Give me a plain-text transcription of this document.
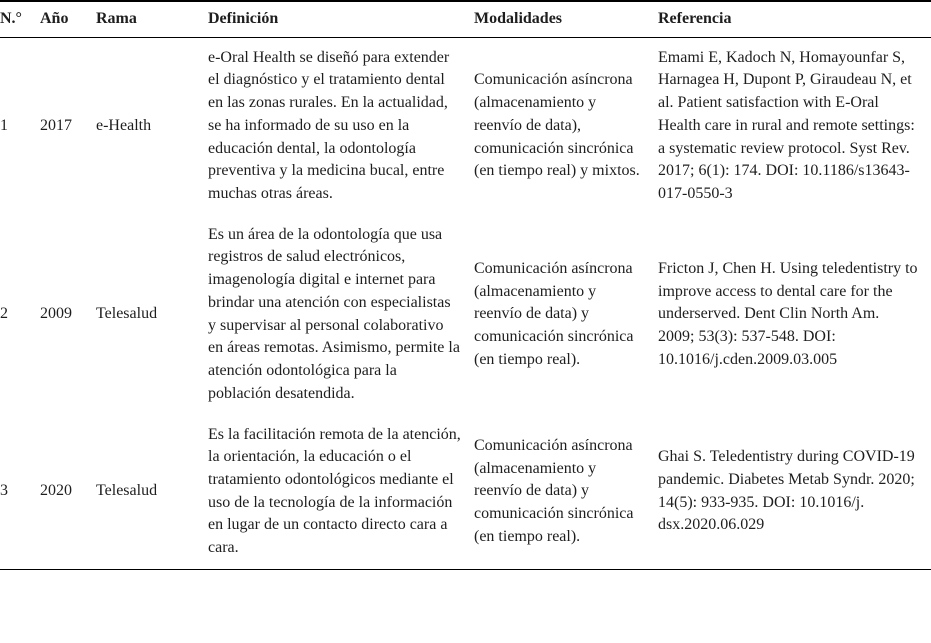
N.°	Año	Rama	Definición	Modalidades	Referencia
1	2017	e-Health	e-Oral Health se diseñó para extender el diagnóstico y el tratamiento dental en las zonas rurales. En la actualidad, se ha informado de su uso en la educación dental, la odontología preventiva y la medicina bucal, entre muchas otras áreas.	Comunicación asíncrona (almacenamiento y reenvío de data), comunicación sincrónica (en tiempo real) y mixtos.	Emami E, Kadoch N, Homayounfar S, Harnagea H, Dupont P, Giraudeau N, et al. Patient satisfaction with E-Oral Health care in rural and remote settings: a systematic review protocol. Syst Rev. 2017; 6(1): 174. DOI: 10.1186/s13643-017-0550-3
2	2009	Telesalud	Es un área de la odontología que usa registros de salud electrónicos, imagenología digital e internet para brindar una atención con especialistas y supervisar al personal colaborativo en áreas remotas. Asimismo, permite la atención odontológica para la población desatendida.	Comunicación asíncrona (almacenamiento y reenvío de data) y comunicación sincrónica (en tiempo real).	Fricton J, Chen H. Using teledentistry to improve access to dental care for the underserved. Dent Clin North Am. 2009; 53(3): 537-548. DOI: 10.1016/j.cden.2009.03.005
3	2020	Telesalud	Es la facilitación remota de la atención, la orientación, la educación o el tratamiento odontológicos mediante el uso de la tecnología de la información en lugar de un contacto directo cara a cara.	Comunicación asíncrona (almacenamiento y reenvío de data) y comunicación sincrónica (en tiempo real).	Ghai S. Teledentistry during COVID-19 pandemic. Diabetes Metab Syndr. 2020; 14(5): 933-935. DOI: 10.1016/j. dsx.2020.06.029
